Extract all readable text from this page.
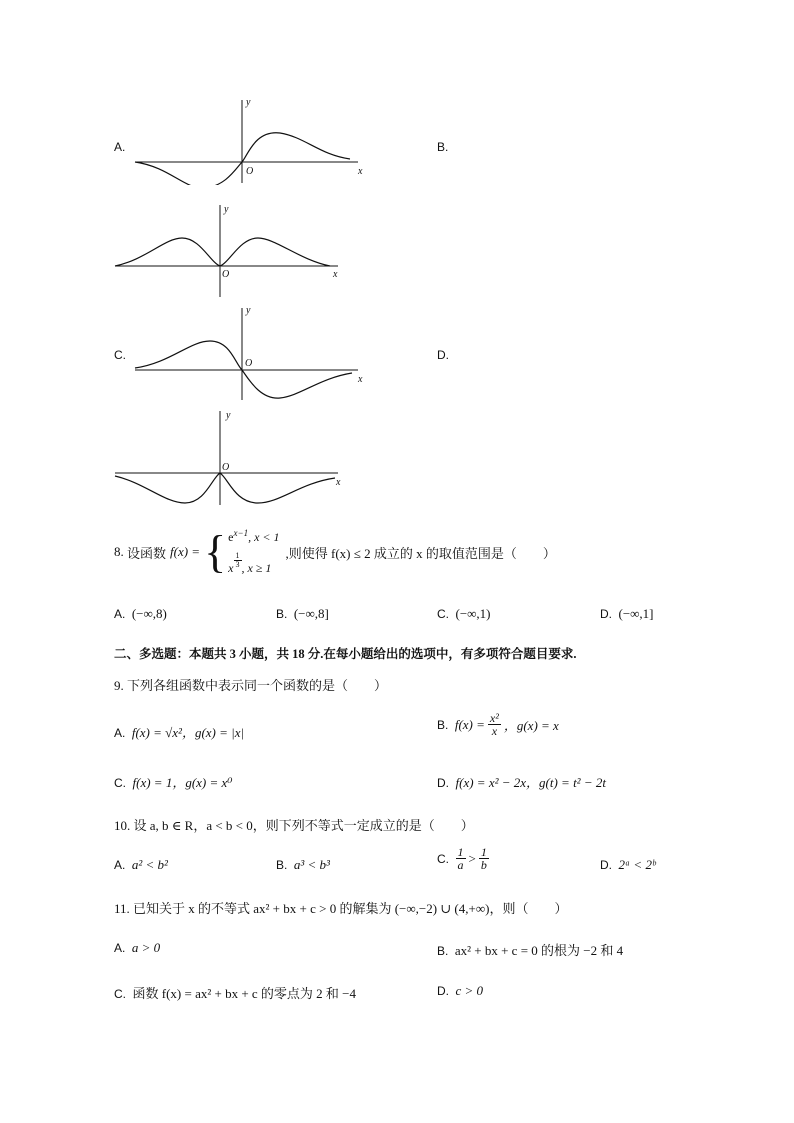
A.	B.
C.	D.
y
O	x
y
O	x
y
O
x
y
O
x
8.
设函数 f(x) = { $e^{x-1}$, x < 1
x $\frac{1}{3}$ , x ≥ 1
,则使得 f(x) ≤ 2 成立的 x 的取值范围是（　　）
A. (−∞,8)	B. (−∞,8]	C. (−∞,1)	D. (−∞,1]
二、多选题：本题共 3 小题，共 18 分.在每小题给出的选项中，有多项符合题目要求.
9. 下列各组函数中表示同一个函数的是（　　）
A. f(x) = √x²，g(x) = |x|
B.
$f(x) = \frac{\text{x²}}{x}$ ，g(x) = x
C. f(x) = 1，g(x) = x⁰	D. f(x) = x² − 2x，g(t) = t² − 2t
10. 设 a, b ∈ R，a < b < 0，则下列不等式一定成立的是（　　）
A. a² < b²	B. a³ < b³	C.
$\frac{1}{a} > \frac{1}{b}$	D. 2ᵃ < 2ᵇ
11. 已知关于 x 的不等式 ax² + bx + c > 0 的解集为 (−∞,−2) ∪ (4,+∞)，则（　　）
A. a > 0	B. ax² + bx + c = 0 的根为 −2 和 4
C. 函数 f(x) = ax² + bx + c 的零点为 2 和 −4	D. c > 0
